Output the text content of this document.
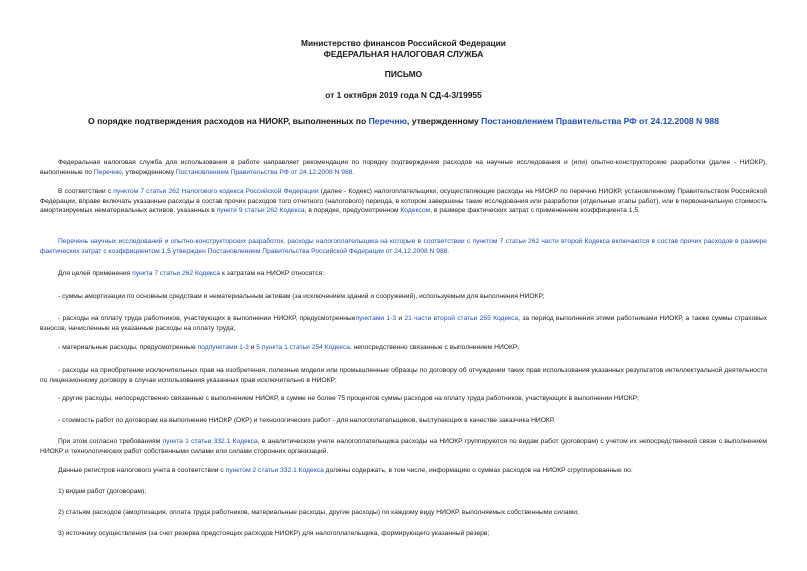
Министерство финансов Российской Федерации
ФЕДЕРАЛЬНАЯ НАЛОГОВАЯ СЛУЖБА
ПИСЬМО
от 1 октября 2019 года N СД-4-3/19955
О порядке подтверждения расходов на НИОКР, выполненных по Перечню, утвержденному Постановлением Правительства РФ от 24.12.2008 N 988
Федеральная налоговая служба для использования в работе направляет рекомендации по порядку подтверждения расходов на научные исследования и (или) опытно-конструкторские разработки (далее - НИОКР), выполненные по Перечню, утвержденному Постановлением Правительства РФ от 24.12.2008 N 988.
В соответствии с пунктом 7 статьи 262 Налогового кодекса Российской Федерации (далее - Кодекс) налогоплательщики, осуществляющие расходы на НИОКР по перечню НИОКР, установленному Правительством Российской Федерации, вправе включать указанные расходы в состав прочих расходов того отчетного (налогового) периода, в котором завершены такие исследования или разработки (отдельные этапы работ), или в первоначальную стоимость амортизируемых нематериальных активов, указанных в пункте 9 статьи 262 Кодекса, в порядке, предусмотренном Кодексом, в размере фактических затрат с применением коэффициента 1,5.
Перечень научных исследований и опытно-конструкторских разработок, расходы налогоплательщика на которые в соответствии с пунктом 7 статьи 262 части второй Кодекса включаются в состав прочих расходов в размере фактических затрат с коэффициентом 1,5 утвержден Постановлением Правительства Российской Федерации от 24.12.2008 N 988.
Для целей применения пункта 7 статьи 262 Кодекса к затратам на НИОКР относятся:
- суммы амортизации по основным средствам и нематериальным активам (за исключением зданий и сооружений), используемым для выполнения НИОКР;
- расходы на оплату труда работников, участвующих в выполнении НИОКР, предусмотренныепунктами 1-3 и 21 части второй статьи 255 Кодекса, за период выполнения этими работниками НИОКР, а также суммы страховых взносов, начисленные на указанные расходы на оплату труда;
- материальные расходы, предусмотренные подпунктами 1-3 и 5 пункта 1 статьи 254 Кодекса, непосредственно связанные с выполнением НИОКР;
- расходы на приобретение исключительных прав на изобретения, полезные модели или промышленные образцы по договору об отчуждении таких прав использования указанных результатов интеллектуальной деятельности по лицензионному договору в случае использования указанных прав исключительно в НИОКР;
- другие расходы, непосредственно связанные с выполнением НИОКР, в сумме не более 75 процентов суммы расходов на оплату труда работников, участвующих в выполнении НИОКР;
- стоимость работ по договорам на выполнение НИОКР (ОКР) и технологических работ - для налогоплательщиков, выступающих в качестве заказчика НИОКР.
При этом согласно требованиям пункта 1 статьи 332.1 Кодекса, в аналитическом учете налогоплательщика расходы на НИОКР группируются по видам работ (договорам) с учетом их непосредственной связи с выполнением НИОКР и технологических работ собственными силами или силами сторонних организаций.
Данные регистров налогового учета в соответствии с пунктом 2 статьи 332.1 Кодекса должны содержать, в том числе, информацию о суммах расходов на НИОКР сгруппированные по:
1) видам работ (договорам);
2) статьям расходов (амортизация, оплата труда работников, материальные расходы, другие расходы) по каждому виду НИОКР, выполняемых собственными силами;
3) источнику осуществления (за счет резерва предстоящих расходов НИОКР) для налогоплательщика, формирующего указанный резерв;
